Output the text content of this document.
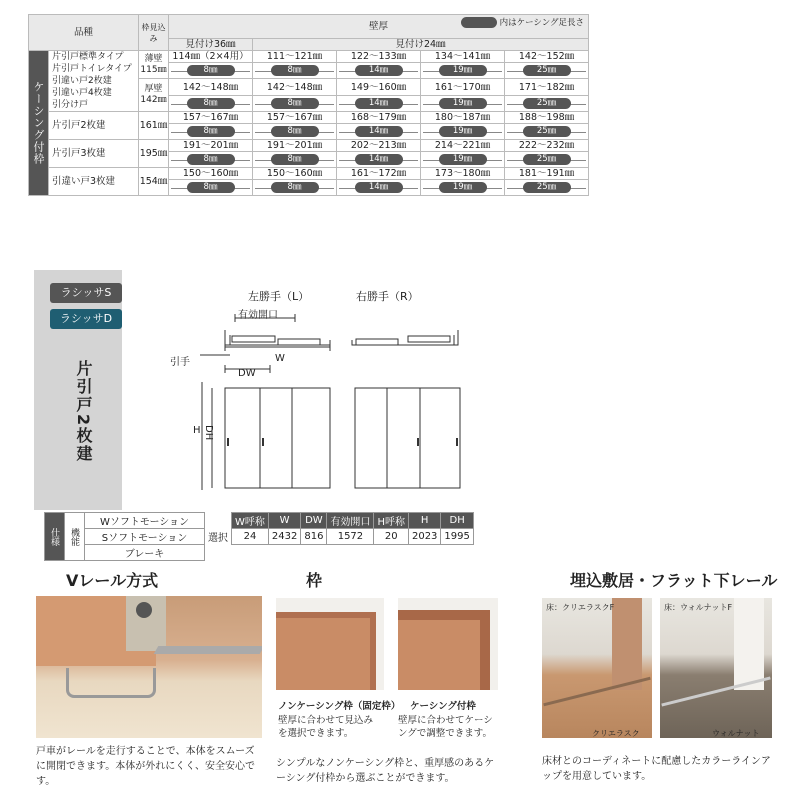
品種		枠見込み	壁厚 内はケーシング足長さ				

			見付け36㎜	見付け24㎜			
ケーシング付枠	片引戸標準タイプ
片引戸トイレタイプ
引違い戸2枚建
引違い戸4枚建
引分け戸	薄壁115㎜	114㎜（2×4用）	111〜121㎜	122〜133㎜	134〜141㎜	142〜152㎜
			8㎜	8㎜	14㎜	19㎜	25㎜
		厚壁142㎜	142〜148㎜	142〜148㎜	149〜160㎜	161〜170㎜	171〜182㎜
			8㎜	8㎜	14㎜	19㎜	25㎜
	片引戸2枚建	161㎜	157〜167㎜	157〜167㎜	168〜179㎜	180〜187㎜	188〜198㎜
			8㎜	8㎜	14㎜	19㎜	25㎜
	片引戸3枚建	195㎜	191〜201㎜	191〜201㎜	202〜213㎜	214〜221㎜	222〜232㎜
			8㎜	8㎜	14㎜	19㎜	25㎜
	引違い戸3枚建	154㎜	150〜160㎜	150〜160㎜	161〜172㎜	173〜180㎜	181〜191㎜
			8㎜	8㎜	14㎜	19㎜	25㎜
ラシッサS
ラシッサD
片引戸2枚建
左勝手（L）	右勝手（R）
有効開口
引手	W
DW
H DH
仕様	機能	Wソフトモーション	選択	W呼称	W	DW	有効開口	H呼称	H	DH
		Sソフトモーション		24	2432	816	1572	20	2023	1995
		ブレーキ								
Vレール方式
戸車がレールを走行することで、本体をスムーズに開閉できます。本体が外れにくく、安全安心です。
枠
ノンケーシング枠（固定枠）
壁厚に合わせて見込みを選択できます。
ケーシング付枠
壁厚に合わせてケーシングで調整できます。
シンプルなノンケーシング枠と、重厚感のあるケーシング付枠から選ぶことができます。
埋込敷居・フラット下レール
床：クリエラスクF	床：ウォルナットF
クリエラスク	ウォルナット
床材とのコーディネートに配慮したカラーラインアップを用意しています。
